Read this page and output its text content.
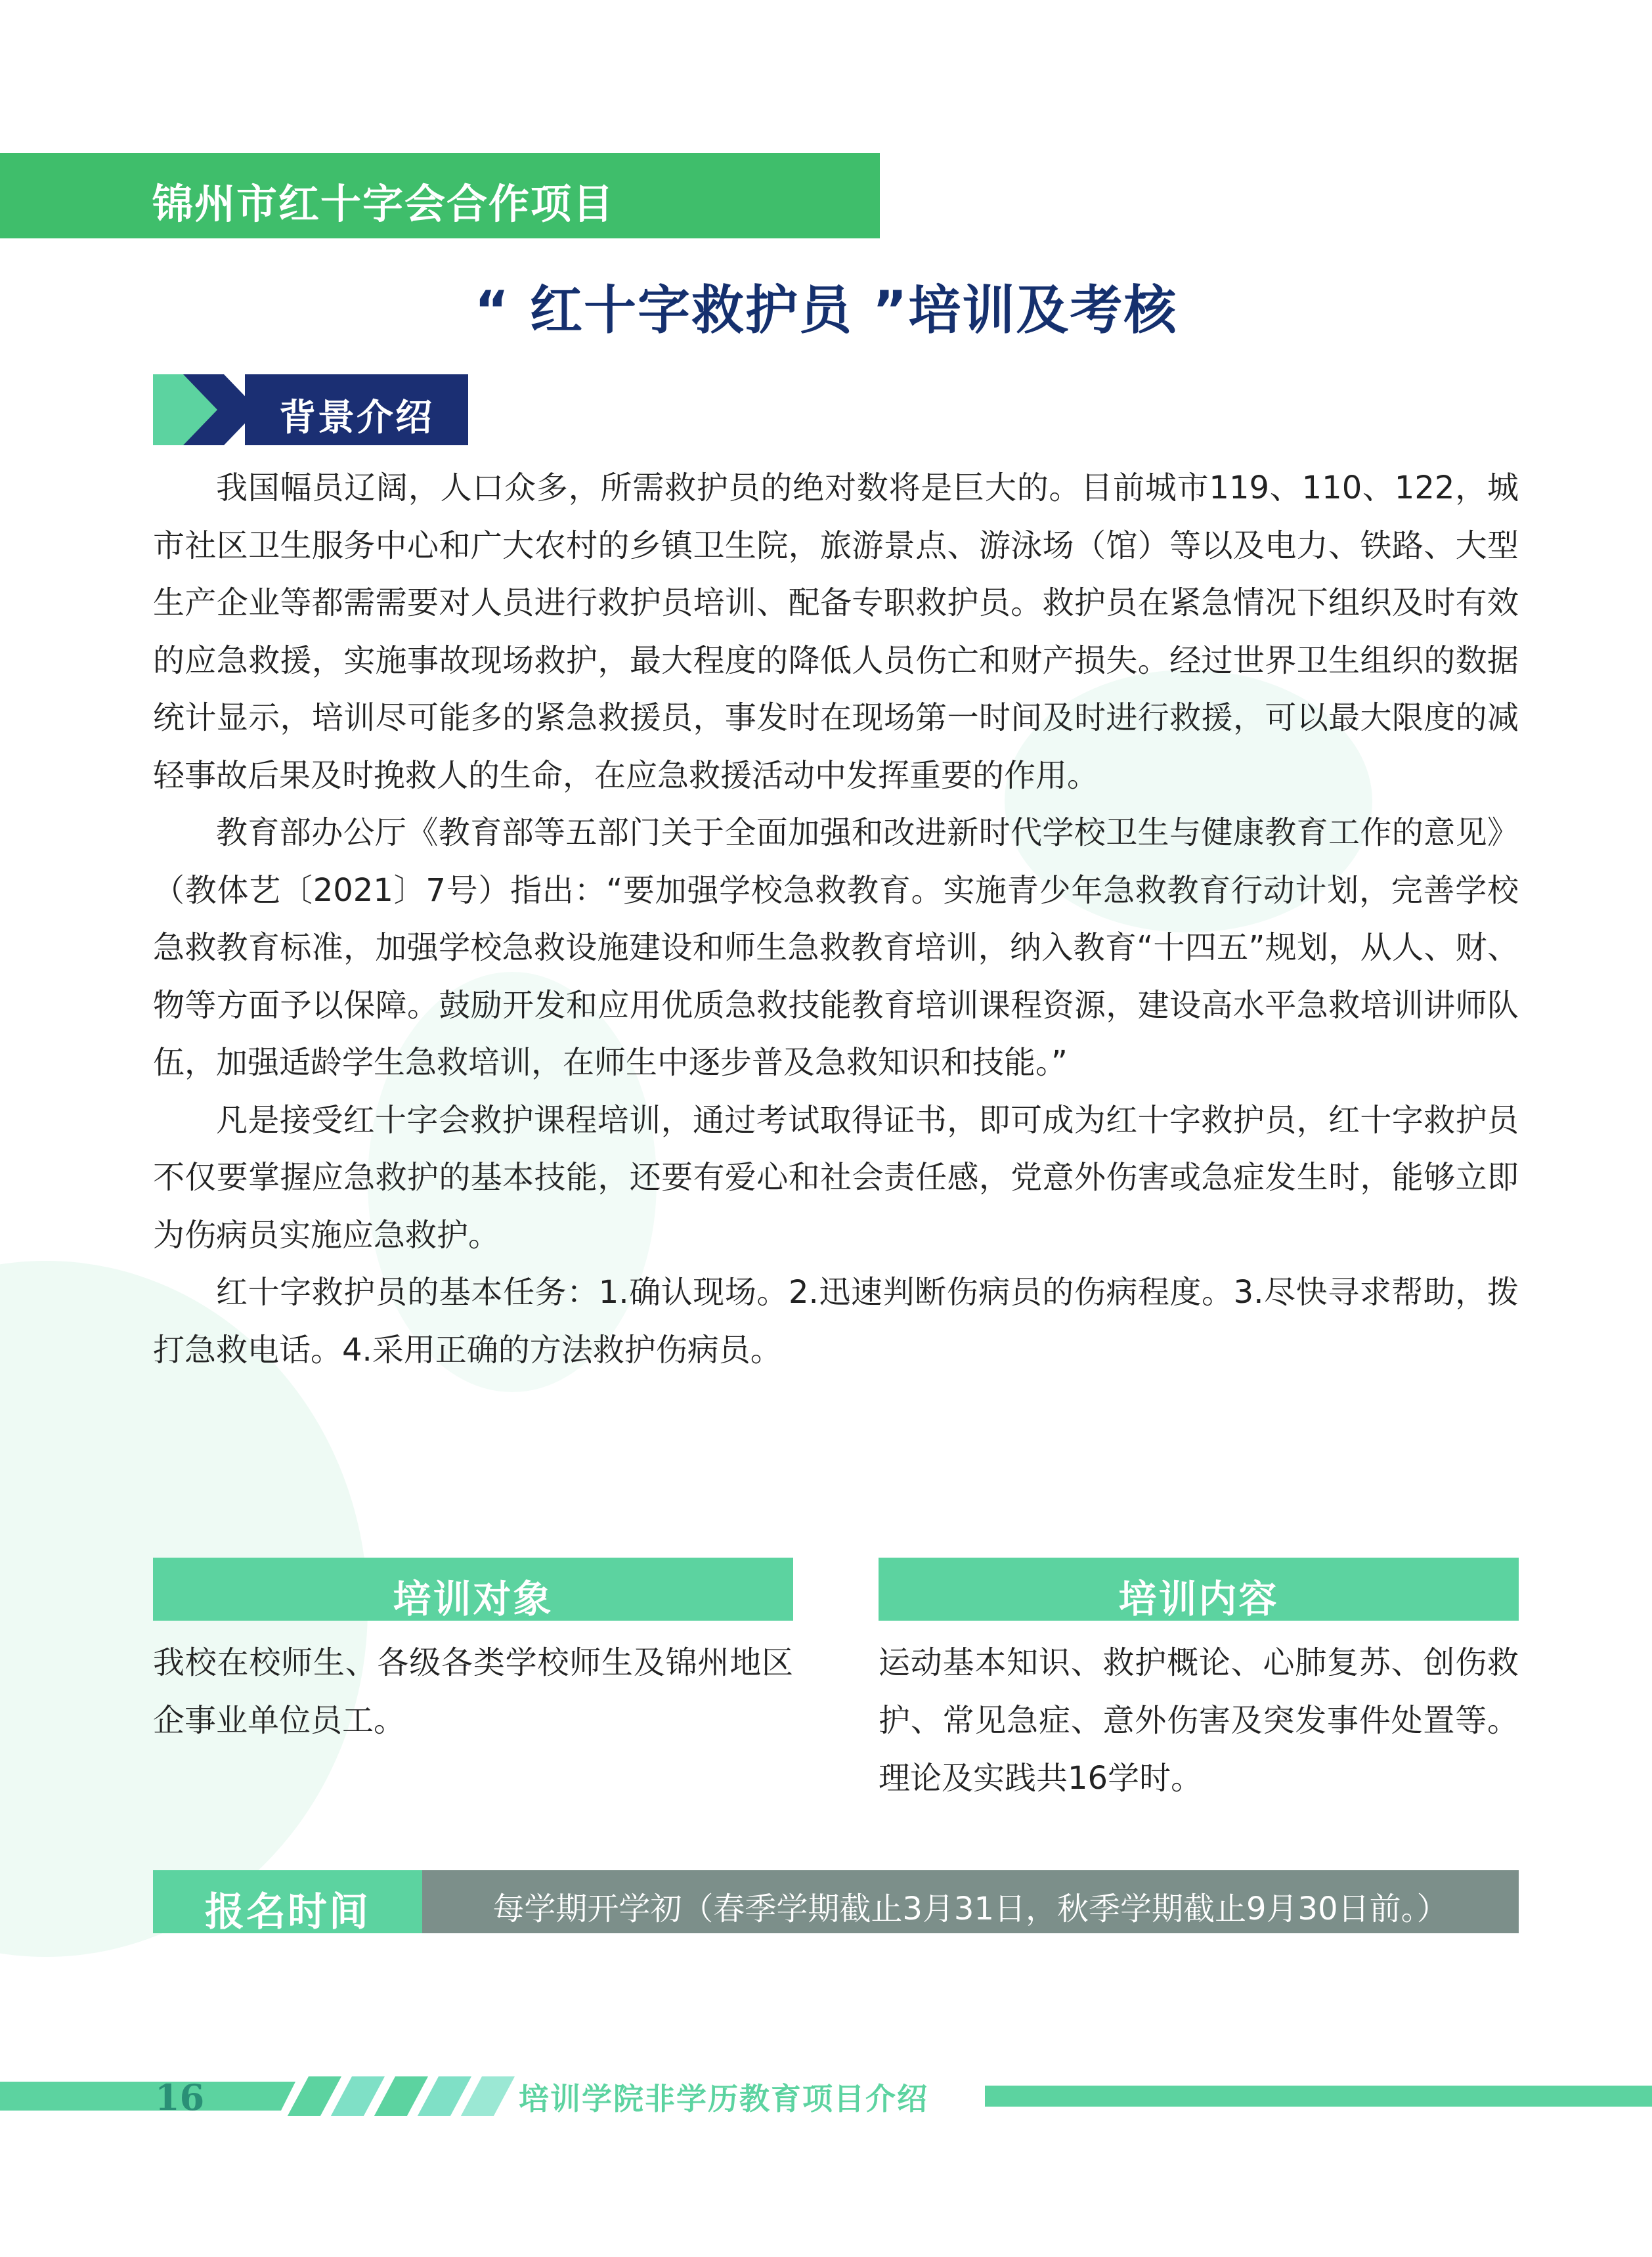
锦州市红十字会合作项目
“ 红十字救护员 ”培训及考核
背景介绍

我国幅员辽阔，人口众多，所需救护员的绝对数将是巨大的。目前城市119、110、122，城市社区卫生服务中心和广大农村的乡镇卫生院，旅游景点、游泳场（馆）等以及电力、铁路、大型生产企业等都需需要对人员进行救护员培训、配备专职救护员。救护员在紧急情况下组织及时有效的应急救援，实施事故现场救护，最大程度的降低人员伤亡和财产损失。经过世界卫生组织的数据统计显示，培训尽可能多的紧急救援员，事发时在现场第一时间及时进行救援，可以最大限度的减轻事故后果及时挽救人的生命，在应急救援活动中发挥重要的作用。

教育部办公厅《教育部等五部门关于全面加强和改进新时代学校卫生与健康教育工作的意见》（教体艺〔2021〕7号）指出：“要加强学校急救教育。实施青少年急救教育行动计划，完善学校急救教育标准，加强学校急救设施建设和师生急救教育培训，纳入教育“十四五”规划，从人、财、物等方面予以保障。鼓励开发和应用优质急救技能教育培训课程资源，建设高水平急救培训讲师队伍，加强适龄学生急救培训，在师生中逐步普及急救知识和技能。”

凡是接受红十字会救护课程培训，通过考试取得证书，即可成为红十字救护员，红十字救护员不仅要掌握应急救护的基本技能，还要有爱心和社会责任感，党意外伤害或急症发生时，能够立即为伤病员实施应急救护。

红十字救护员的基本任务：1.确认现场。2.迅速判断伤病员的伤病程度。3.尽快寻求帮助，拨打急救电话。4.采用正确的方法救护伤病员。

培训对象
我校在校师生、各级各类学校师生及锦州地区企事业单位员工。
培训内容
运动基本知识、救护概论、心肺复苏、创伤救护、常见急症、意外伤害及突发事件处置等。理论及实践共16学时。
报名时间	每学期开学初（春季学期截止3月31日，秋季学期截止9月30日前。）
16	培训学院非学历教育项目介绍
